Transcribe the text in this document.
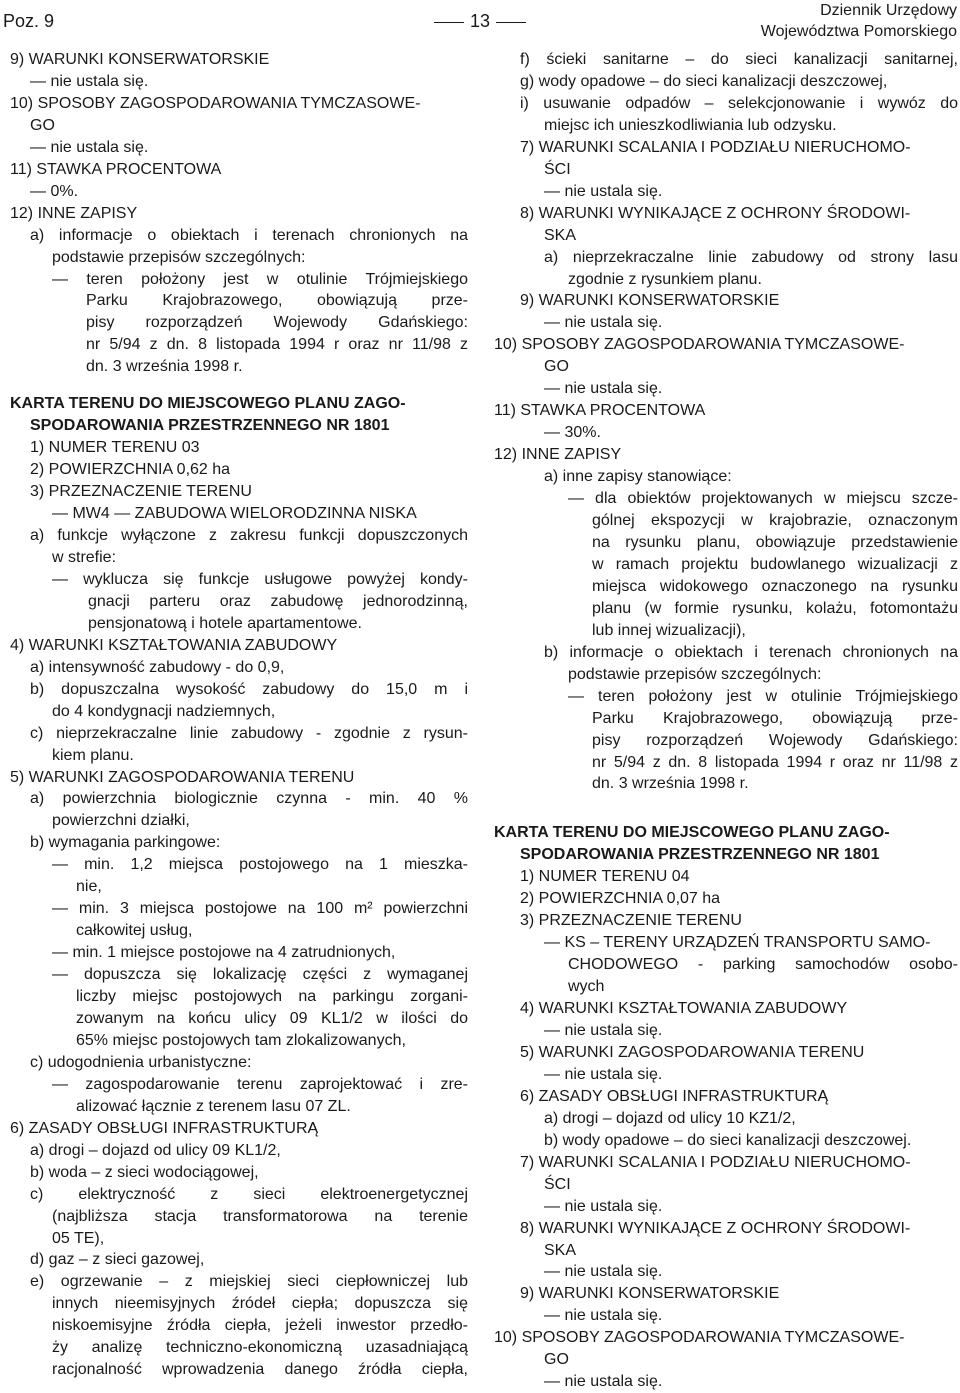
Poz. 9	13
Dziennik Urzędowy
Województwa Pomorskiego
9) WARUNKI KONSERWATORSKIE
— nie ustala się.
10) SPOSOBY ZAGOSPODAROWANIA TYMCZASOWE-
GO
— nie ustala się.
11) STAWKA PROCENTOWA
— 0%.
12) INNE ZAPISY
a) informacje o obiektach i terenach chronionych na
podstawie przepisów szczególnych:
— teren położony jest w otulinie Trójmiejskiego
Parku Krajobrazowego, obowiązują prze-
pisy rozporządzeń Wojewody Gdańskiego:
nr 5/94 z dn. 8 listopada 1994 r oraz nr 11/98 z
dn. 3 września 1998 r.
KARTA TERENU DO MIEJSCOWEGO PLANU ZAGO-
SPODAROWANIA PRZESTRZENNEGO NR 1801
1) NUMER TERENU 03
2) POWIERZCHNIA 0,62 ha
3) PRZEZNACZENIE TERENU
— MW4 — ZABUDOWA WIELORODZINNA NISKA
a) funkcje wyłączone z zakresu funkcji dopuszczonych
w strefie:
— wyklucza się funkcje usługowe powyżej kondy-
gnacji parteru oraz zabudowę jednorodzinną,
pensjonatową i hotele apartamentowe.
4) WARUNKI KSZTAŁTOWANIA ZABUDOWY
a) intensywność zabudowy - do 0,9,
b) dopuszczalna wysokość zabudowy do 15,0 m i
do 4 kondygnacji nadziemnych,
c) nieprzekraczalne linie zabudowy - zgodnie z rysun-
kiem planu.
5) WARUNKI ZAGOSPODAROWANIA TERENU
a) powierzchnia biologicznie czynna - min. 40 %
powierzchni działki,
b) wymagania parkingowe:
— min. 1,2 miejsca postojowego na 1 mieszka-
nie,
— min. 3 miejsca postojowe na 100 m² powierzchni
całkowitej usług,
— min. 1 miejsce postojowe na 4 zatrudnionych,
— dopuszcza się lokalizację części z wymaganej
liczby miejsc postojowych na parkingu zorgani-
zowanym na końcu ulicy 09 KL1/2 w ilości do
65% miejsc postojowych tam zlokalizowanych,
c) udogodnienia urbanistyczne:
— zagospodarowanie terenu zaprojektować i zre-
alizować łącznie z terenem lasu 07 ZL.
6) ZASADY OBSŁUGI INFRASTRUKTURĄ
a) drogi – dojazd od ulicy 09 KL1/2,
b) woda – z sieci wodociągowej,
c) elektryczność z sieci elektroenergetycznej
(najbliższa stacja transformatorowa na terenie
05 TE),
d) gaz – z sieci gazowej,
e) ogrzewanie – z miejskiej sieci ciepłowniczej lub
innych nieemisyjnych źródeł ciepła; dopuszcza się
niskoemisyjne źródła ciepła, jeżeli inwestor przedło-
ży analizę techniczno-ekonomiczną uzasadniającą
racjonalność wprowadzenia danego źródła ciepła,
f) ścieki sanitarne – do sieci kanalizacji sanitarnej,
g) wody opadowe – do sieci kanalizacji deszczowej,
i) usuwanie odpadów – selekcjonowanie i wywóz do
miejsc ich unieszkodliwiania lub odzysku.
7) WARUNKI SCALANIA I PODZIAŁU NIERUCHOMO-
ŚCI
— nie ustala się.
8) WARUNKI WYNIKAJĄCE Z OCHRONY ŚRODOWI-
SKA
a) nieprzekraczalne linie zabudowy od strony lasu
zgodnie z rysunkiem planu.
9) WARUNKI KONSERWATORSKIE
— nie ustala się.
10) SPOSOBY ZAGOSPODAROWANIA TYMCZASOWE-
GO
— nie ustala się.
11) STAWKA PROCENTOWA
— 30%.
12) INNE ZAPISY
a) inne zapisy stanowiące:
— dla obiektów projektowanych w miejscu szcze-
gólnej ekspozycji w krajobrazie, oznaczonym
na rysunku planu, obowiązuje przedstawienie
w ramach projektu budowlanego wizualizacji z
miejsca widokowego oznaczonego na rysunku
planu (w formie rysunku, kolażu, fotomontażu
lub innej wizualizacji),
b) informacje o obiektach i terenach chronionych na
podstawie przepisów szczególnych:
— teren położony jest w otulinie Trójmiejskiego
Parku Krajobrazowego, obowiązują prze-
pisy rozporządzeń Wojewody Gdańskiego:
nr 5/94 z dn. 8 listopada 1994 r oraz nr 11/98 z
dn. 3 września 1998 r.
KARTA TERENU DO MIEJSCOWEGO PLANU ZAGO-
SPODAROWANIA PRZESTRZENNEGO NR 1801
1) NUMER TERENU 04
2) POWIERZCHNIA 0,07 ha
3) PRZEZNACZENIE TERENU
— KS – TERENY URZĄDZEŃ TRANSPORTU SAMO-
CHODOWEGO - parking samochodów osobo-
wych
4) WARUNKI KSZTAŁTOWANIA ZABUDOWY
— nie ustala się.
5) WARUNKI ZAGOSPODAROWANIA TERENU
— nie ustala się.
6) ZASADY OBSŁUGI INFRASTRUKTURĄ
a) drogi – dojazd od ulicy 10 KZ1/2,
b) wody opadowe – do sieci kanalizacji deszczowej.
7) WARUNKI SCALANIA I PODZIAŁU NIERUCHOMO-
ŚCI
— nie ustala się.
8) WARUNKI WYNIKAJĄCE Z OCHRONY ŚRODOWI-
SKA
— nie ustala się.
9) WARUNKI KONSERWATORSKIE
— nie ustala się.
10) SPOSOBY ZAGOSPODAROWANIA TYMCZASOWE-
GO
— nie ustala się.
